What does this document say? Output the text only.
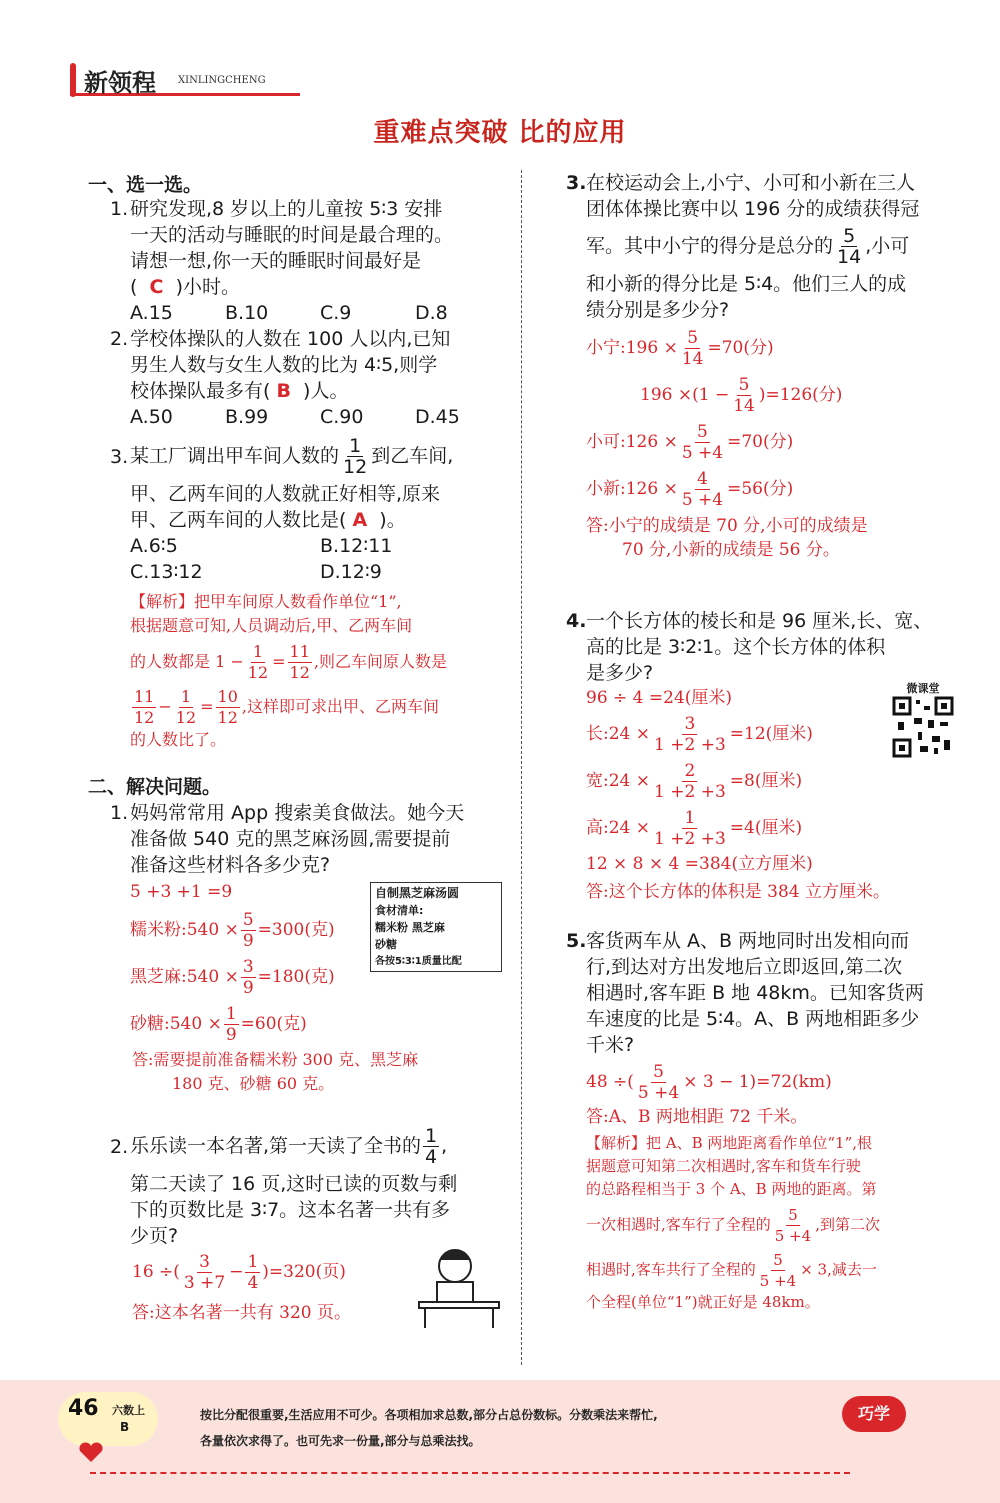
新领程 XINLINGCHENG
重难点突破 比的应用
一、选一选。
1. 研究发现,8 岁以上的儿童按 5∶3 安排
一天的活动与睡眠的时间是最合理的。
请想一想,你一天的睡眠时间最好是
( C )小时。
A.15	B.10	C.9	D.8
2. 学校体操队的人数在 100 人以内,已知
男生人数与女生人数的比为 4∶5,则学
校体操队最多有( B )人。
A.50	B.99	C.90	D.45
3. 某工厂调出甲车间人数的 $\frac{1}{12}$ 到乙车间,
甲、乙两车间的人数就正好相等,原来
甲、乙两车间的人数比是( A )。
A.6∶5	B.12∶11
C.13∶12	D.12∶9
【解析】把甲车间原人数看作单位“1”,
根据题意可知,人员调动后,甲、乙两车间
的人数都是 $1 - \frac{1}{12} = \frac{11}{12}$ ,则乙车间原人数是
$\frac{11}{12} - \frac{1}{12} = \frac{10}{12}$ ,这样即可求出甲、乙两车间
的人数比了。
二、解决问题。
1. 妈妈常常用 App 搜索美食做法。她今天
准备做 540 克的黑芝麻汤圆,需要提前
准备这些材料各多少克?
自制黑芝麻汤圆
食材清单:
糯米粉 黑芝麻
砂糖
各按5∶3∶1质量比配
5 +3 +1 =9
糯米粉:540 × $\frac{5}{9} =300$(克)
黑芝麻:540 × $\frac{3}{9} =180$(克)
砂糖:540 × $\frac{1}{9} =60$(克)
答:需要提前准备糯米粉 300 克、黑芝麻
180 克、砂糖 60 克。
2. 乐乐读一本名著,第一天读了全书的 $\frac{1}{4}$ ,
第二天读了 16 页,这时已读的页数与剩
下的页数比是 3∶7。这本名著一共有多
少页?
16 ÷( $\frac{3}{3 +7} - \frac{1}{4} )=320$(页)
答:这本名著一共有 320 页。
3. 在校运动会上,小宁、小可和小新在三人
团体体操比赛中以 196 分的成绩获得冠
军。其中小宁的得分是总分的 $\frac{5}{14}$ ,小可
和小新的得分比是 5∶4。他们三人的成
绩分别是多少分?
小宁:196 × $\frac{5}{14} =70$(分)
$196 \times(1 - \frac{5}{14} )=126$(分)
小可:126 × $\frac{5}{5 +4} =70$(分)
小新:126 × $\frac{4}{5 +4} =56$(分)
答:小宁的成绩是 70 分,小可的成绩是
70 分,小新的成绩是 56 分。
4. 一个长方体的棱长和是 96 厘米,长、宽、
高的比是 3∶2∶1。这个长方体的体积
是多少?
微课堂
96 ÷ 4 =24(厘米)
长:24 × $\frac{3}{1 +2 +3} =12$(厘米)
宽:24 × $\frac{2}{1 +2 +3} =8$(厘米)
高:24 × $\frac{1}{1 +2 +3} =4$(厘米)
12 × 8 × 4 =384(立方厘米)
答:这个长方体的体积是 384 立方厘米。
5. 客货两车从 A、B 两地同时出发相向而
行,到达对方出发地后立即返回,第二次
相遇时,客车距 B 地 48km。已知客货两
车速度的比是 5∶4。A、B 两地相距多少
千米?
48 ÷( $\frac{5}{5 +4} \times 3 - 1)=72(km)$
答:A、B 两地相距 72 千米。
【解析】把 A、B 两地距离看作单位“1”,根
据题意可知第二次相遇时,客车和货车行驶
的总路程相当于 3 个 A、B 两地的距离。第
一次相遇时,客车行了全程的 $\frac{5}{5 +4}$ ,到第二次
相遇时,客车共行了全程的 $\frac{5}{5 +4} \times 3$,减去一
个全程(单位“1”)就正好是 48km。
46 六数上
B
按比分配很重要,生活应用不可少。各项相加求总数,部分占总份数标。分数乘法来帮忙,
各量依次求得了。也可先求一份量,部分与总乘法找。
巧学
